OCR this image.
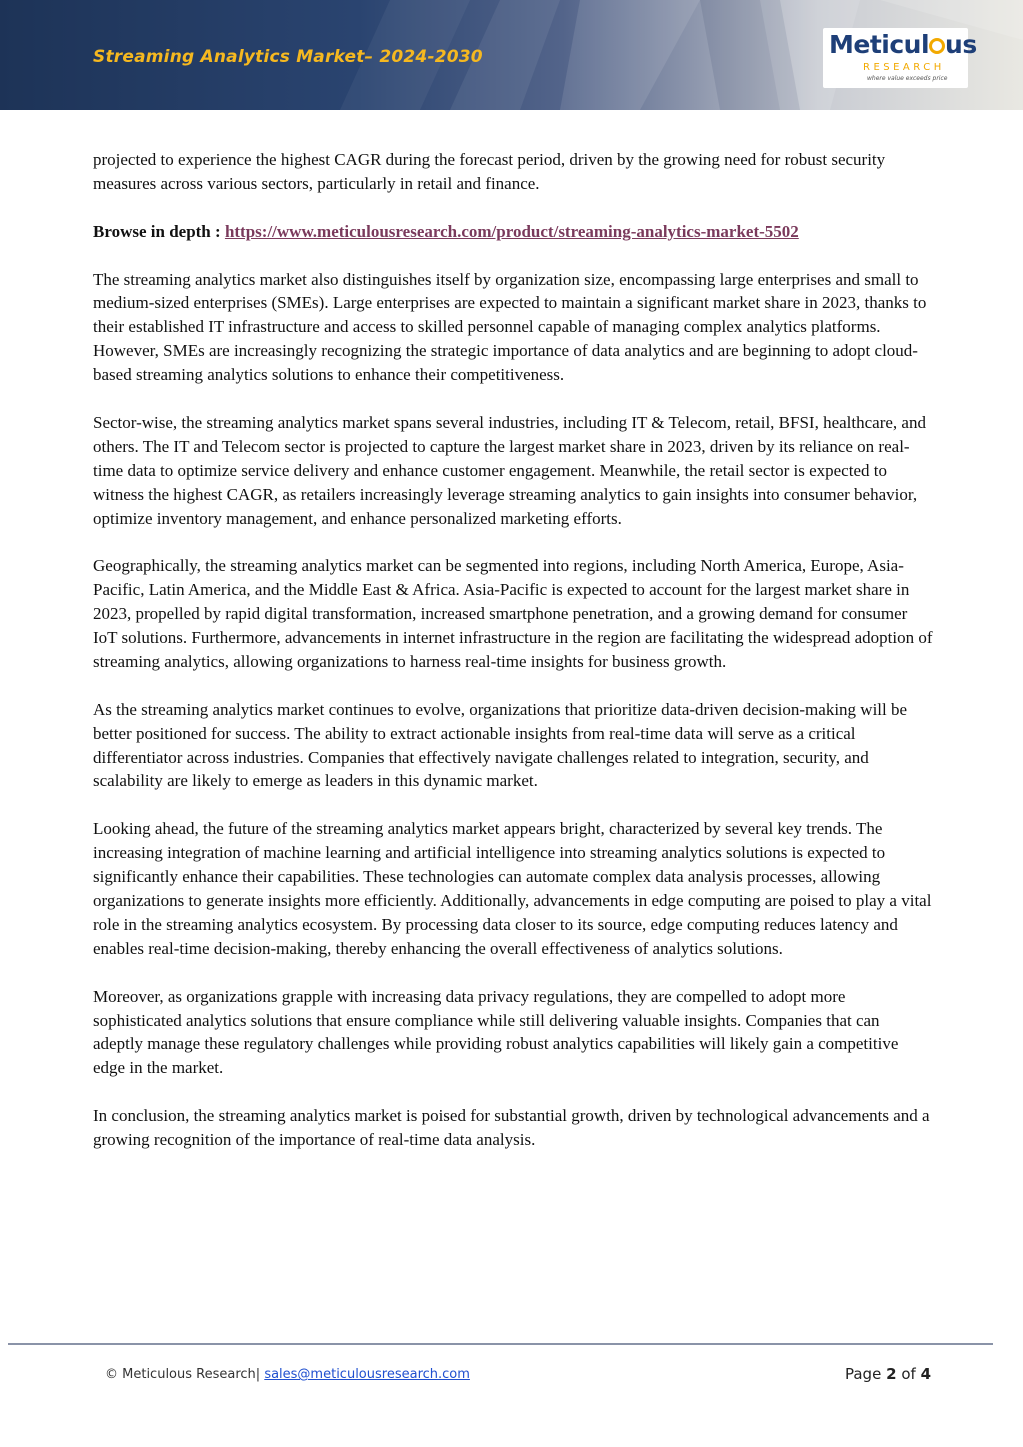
Streaming Analytics Market– 2024-2030	Meticul us
RESEARCH
where value exceeds price

projected to experience the highest CAGR during the forecast period, driven by the growing need for robust security measures across various sectors, particularly in retail and finance.

Browse in depth : https://www.meticulousresearch.com/product/streaming-analytics-market-5502

The streaming analytics market also distinguishes itself by organization size, encompassing large enterprises and small to medium-sized enterprises (SMEs). Large enterprises are expected to maintain a significant market share in 2023, thanks to their established IT infrastructure and access to skilled personnel capable of managing complex analytics platforms. However, SMEs are increasingly recognizing the strategic importance of data analytics and are beginning to adopt cloud-based streaming analytics solutions to enhance their competitiveness.

Sector-wise, the streaming analytics market spans several industries, including IT & Telecom, retail, BFSI, healthcare, and others. The IT and Telecom sector is projected to capture the largest market share in 2023, driven by its reliance on real-time data to optimize service delivery and enhance customer engagement. Meanwhile, the retail sector is expected to witness the highest CAGR, as retailers increasingly leverage streaming analytics to gain insights into consumer behavior, optimize inventory management, and enhance personalized marketing efforts.

Geographically, the streaming analytics market can be segmented into regions, including North America, Europe, Asia-Pacific, Latin America, and the Middle East & Africa. Asia-Pacific is expected to account for the largest market share in 2023, propelled by rapid digital transformation, increased smartphone penetration, and a growing demand for consumer IoT solutions. Furthermore, advancements in internet infrastructure in the region are facilitating the widespread adoption of streaming analytics, allowing organizations to harness real-time insights for business growth.

As the streaming analytics market continues to evolve, organizations that prioritize data-driven decision-making will be better positioned for success. The ability to extract actionable insights from real-time data will serve as a critical differentiator across industries. Companies that effectively navigate challenges related to integration, security, and scalability are likely to emerge as leaders in this dynamic market.

Looking ahead, the future of the streaming analytics market appears bright, characterized by several key trends. The increasing integration of machine learning and artificial intelligence into streaming analytics solutions is expected to significantly enhance their capabilities. These technologies can automate complex data analysis processes, allowing organizations to generate insights more efficiently. Additionally, advancements in edge computing are poised to play a vital role in the streaming analytics ecosystem. By processing data closer to its source, edge computing reduces latency and enables real-time decision-making, thereby enhancing the overall effectiveness of analytics solutions.

Moreover, as organizations grapple with increasing data privacy regulations, they are compelled to adopt more sophisticated analytics solutions that ensure compliance while still delivering valuable insights. Companies that can adeptly manage these regulatory challenges while providing robust analytics capabilities will likely gain a competitive edge in the market.

In conclusion, the streaming analytics market is poised for substantial growth, driven by technological advancements and a growing recognition of the importance of real-time data analysis.

© Meticulous Research| sales@meticulousresearch.com	Page 2 of 4
